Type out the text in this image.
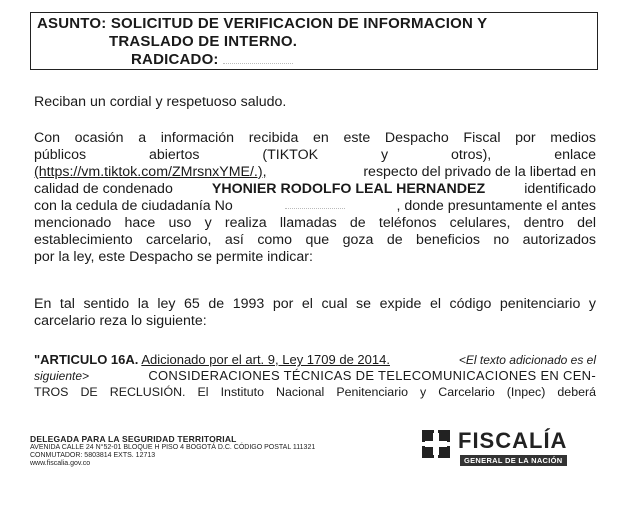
ASUNTO: SOLICITUD DE VERIFICACION DE INFORMACION Y
TRASLADO DE INTERNO.
RADICADO:
Reciban un cordial y respetuoso saludo.
Con ocasión a información recibida en este Despacho Fiscal por medios
públicos	abiertos	(TIKTOK	y	otros),	enlace
(https://vm.tiktok.com/ZMrsnxYME/.),	respecto del privado de la libertad en
calidad de condenado	YHONIER RODOLFO LEAL HERNANDEZ	identificado
con la cedula de ciudadanía No	, donde presuntamente el antes
mencionado hace uso y realiza llamadas de teléfonos celulares, dentro del
establecimiento carcelario, así como que goza de beneficios no autorizados
por la ley, este Despacho se permite indicar:
En tal sentido la ley 65 de 1993 por el cual se expide el código penitenciario y
carcelario reza lo siguiente:
"ARTICULO 16A. Adicionado por el art. 9, Ley 1709 de 2014.	<El texto adicionado es el
siguiente>	CONSIDERACIONES TÉCNICAS DE TELECOMUNICACIONES EN CEN-
TROS DE RECLUSIÓN. El Instituto Nacional Penitenciario y Carcelario (Inpec) deberá
DELEGADA PARA LA SEGURIDAD TERRITORIAL
AVENIDA CALLE 24 N°52-01 BLOQUE H PISO 4 BOGOTÁ D.C. CÓDIGO POSTAL 111321
CONMUTADOR: 5803814 EXTS. 12713
www.fiscalia.gov.co
FISCALÍA
GENERAL DE LA NACIÓN
